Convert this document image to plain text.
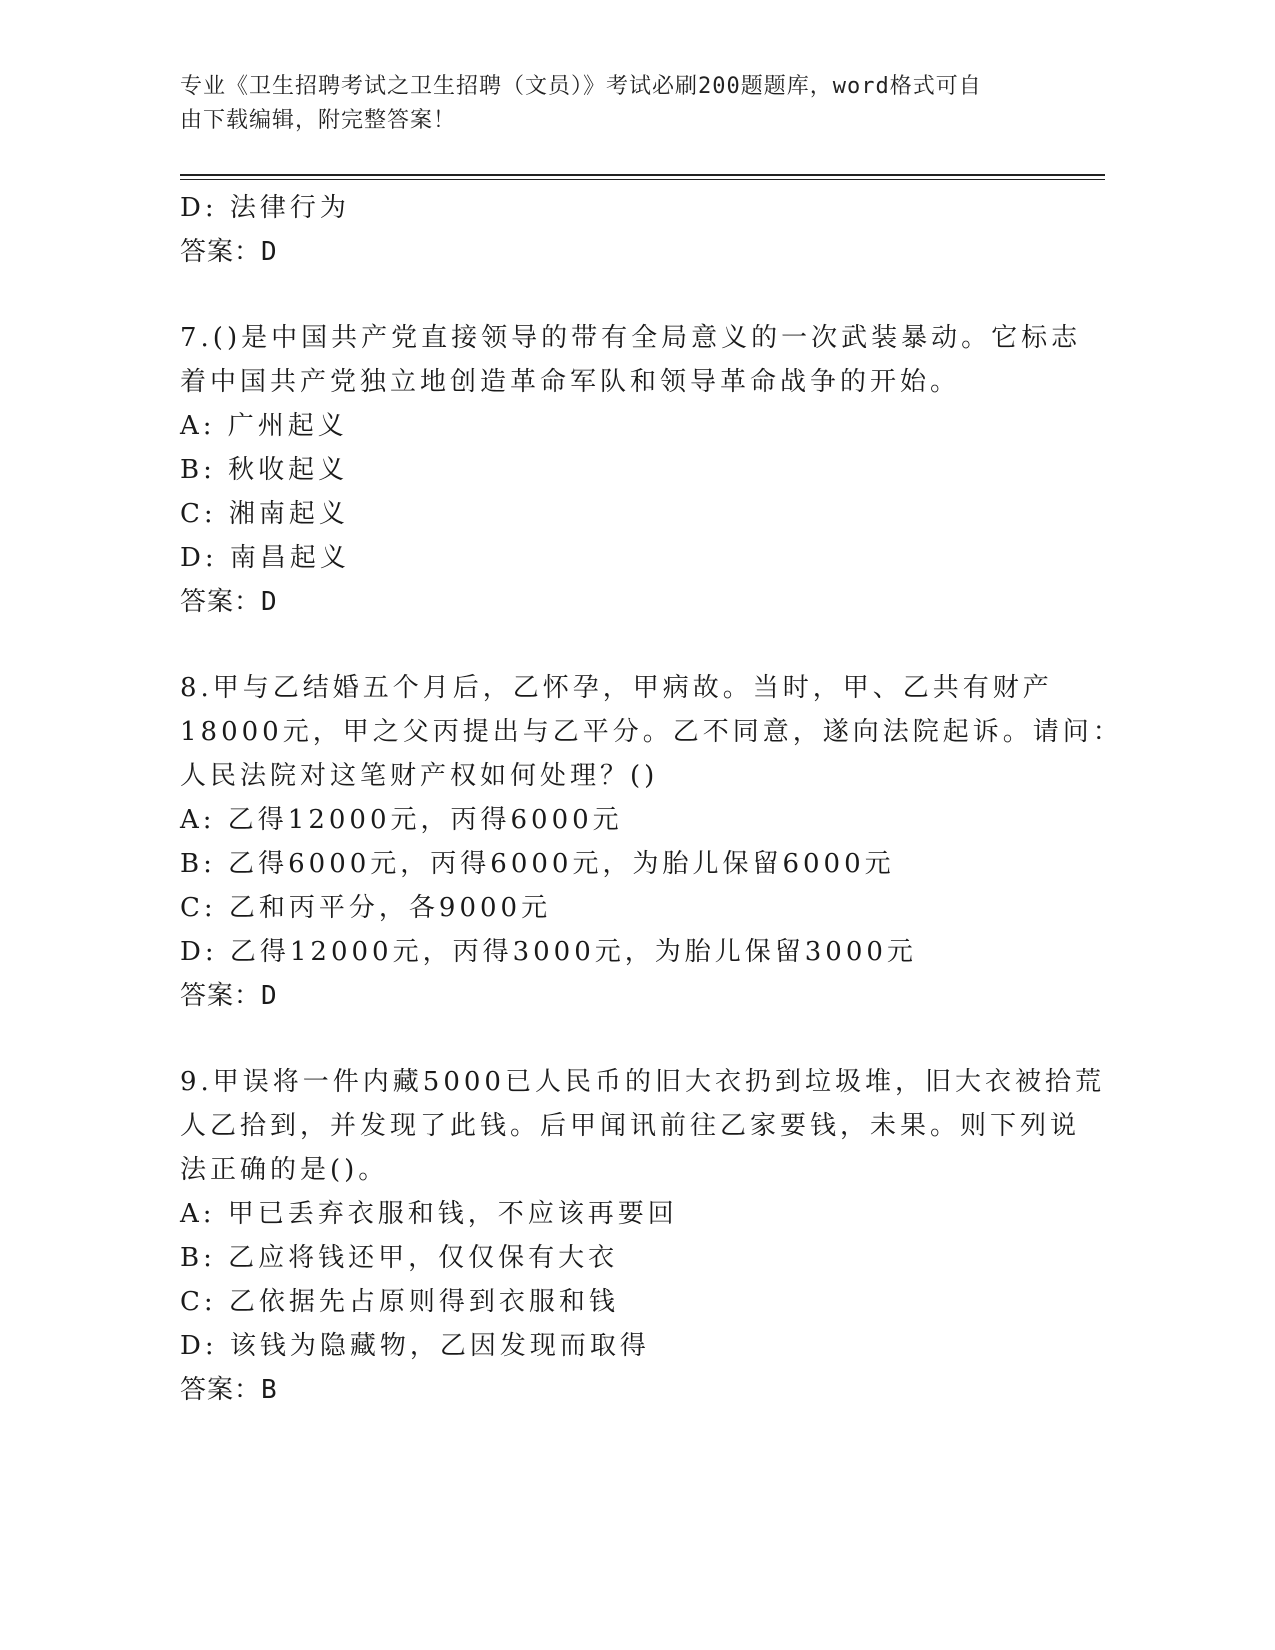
专业《卫生招聘考试之卫生招聘（文员）》考试必刷200题题库，word格式可自
由下载编辑，附完整答案！
D: 法律行为
答案：D
7.()是中国共产党直接领导的带有全局意义的一次武装暴动。它标志
着中国共产党独立地创造革命军队和领导革命战争的开始。
A: 广州起义
B: 秋收起义
C: 湘南起义
D: 南昌起义
答案：D
8.甲与乙结婚五个月后，乙怀孕，甲病故。当时，甲、乙共有财产
18000元，甲之父丙提出与乙平分。乙不同意，遂向法院起诉。请问：
人民法院对这笔财产权如何处理？()
A: 乙得12000元，丙得6000元
B: 乙得6000元，丙得6000元，为胎儿保留6000元
C: 乙和丙平分，各9000元
D: 乙得12000元，丙得3000元，为胎儿保留3000元
答案：D
9.甲误将一件内藏5000已人民币的旧大衣扔到垃圾堆，旧大衣被拾荒
人乙拾到，并发现了此钱。后甲闻讯前往乙家要钱，未果。则下列说
法正确的是()。
A: 甲已丢弃衣服和钱，不应该再要回
B: 乙应将钱还甲，仅仅保有大衣
C: 乙依据先占原则得到衣服和钱
D: 该钱为隐藏物，乙因发现而取得
答案：B
